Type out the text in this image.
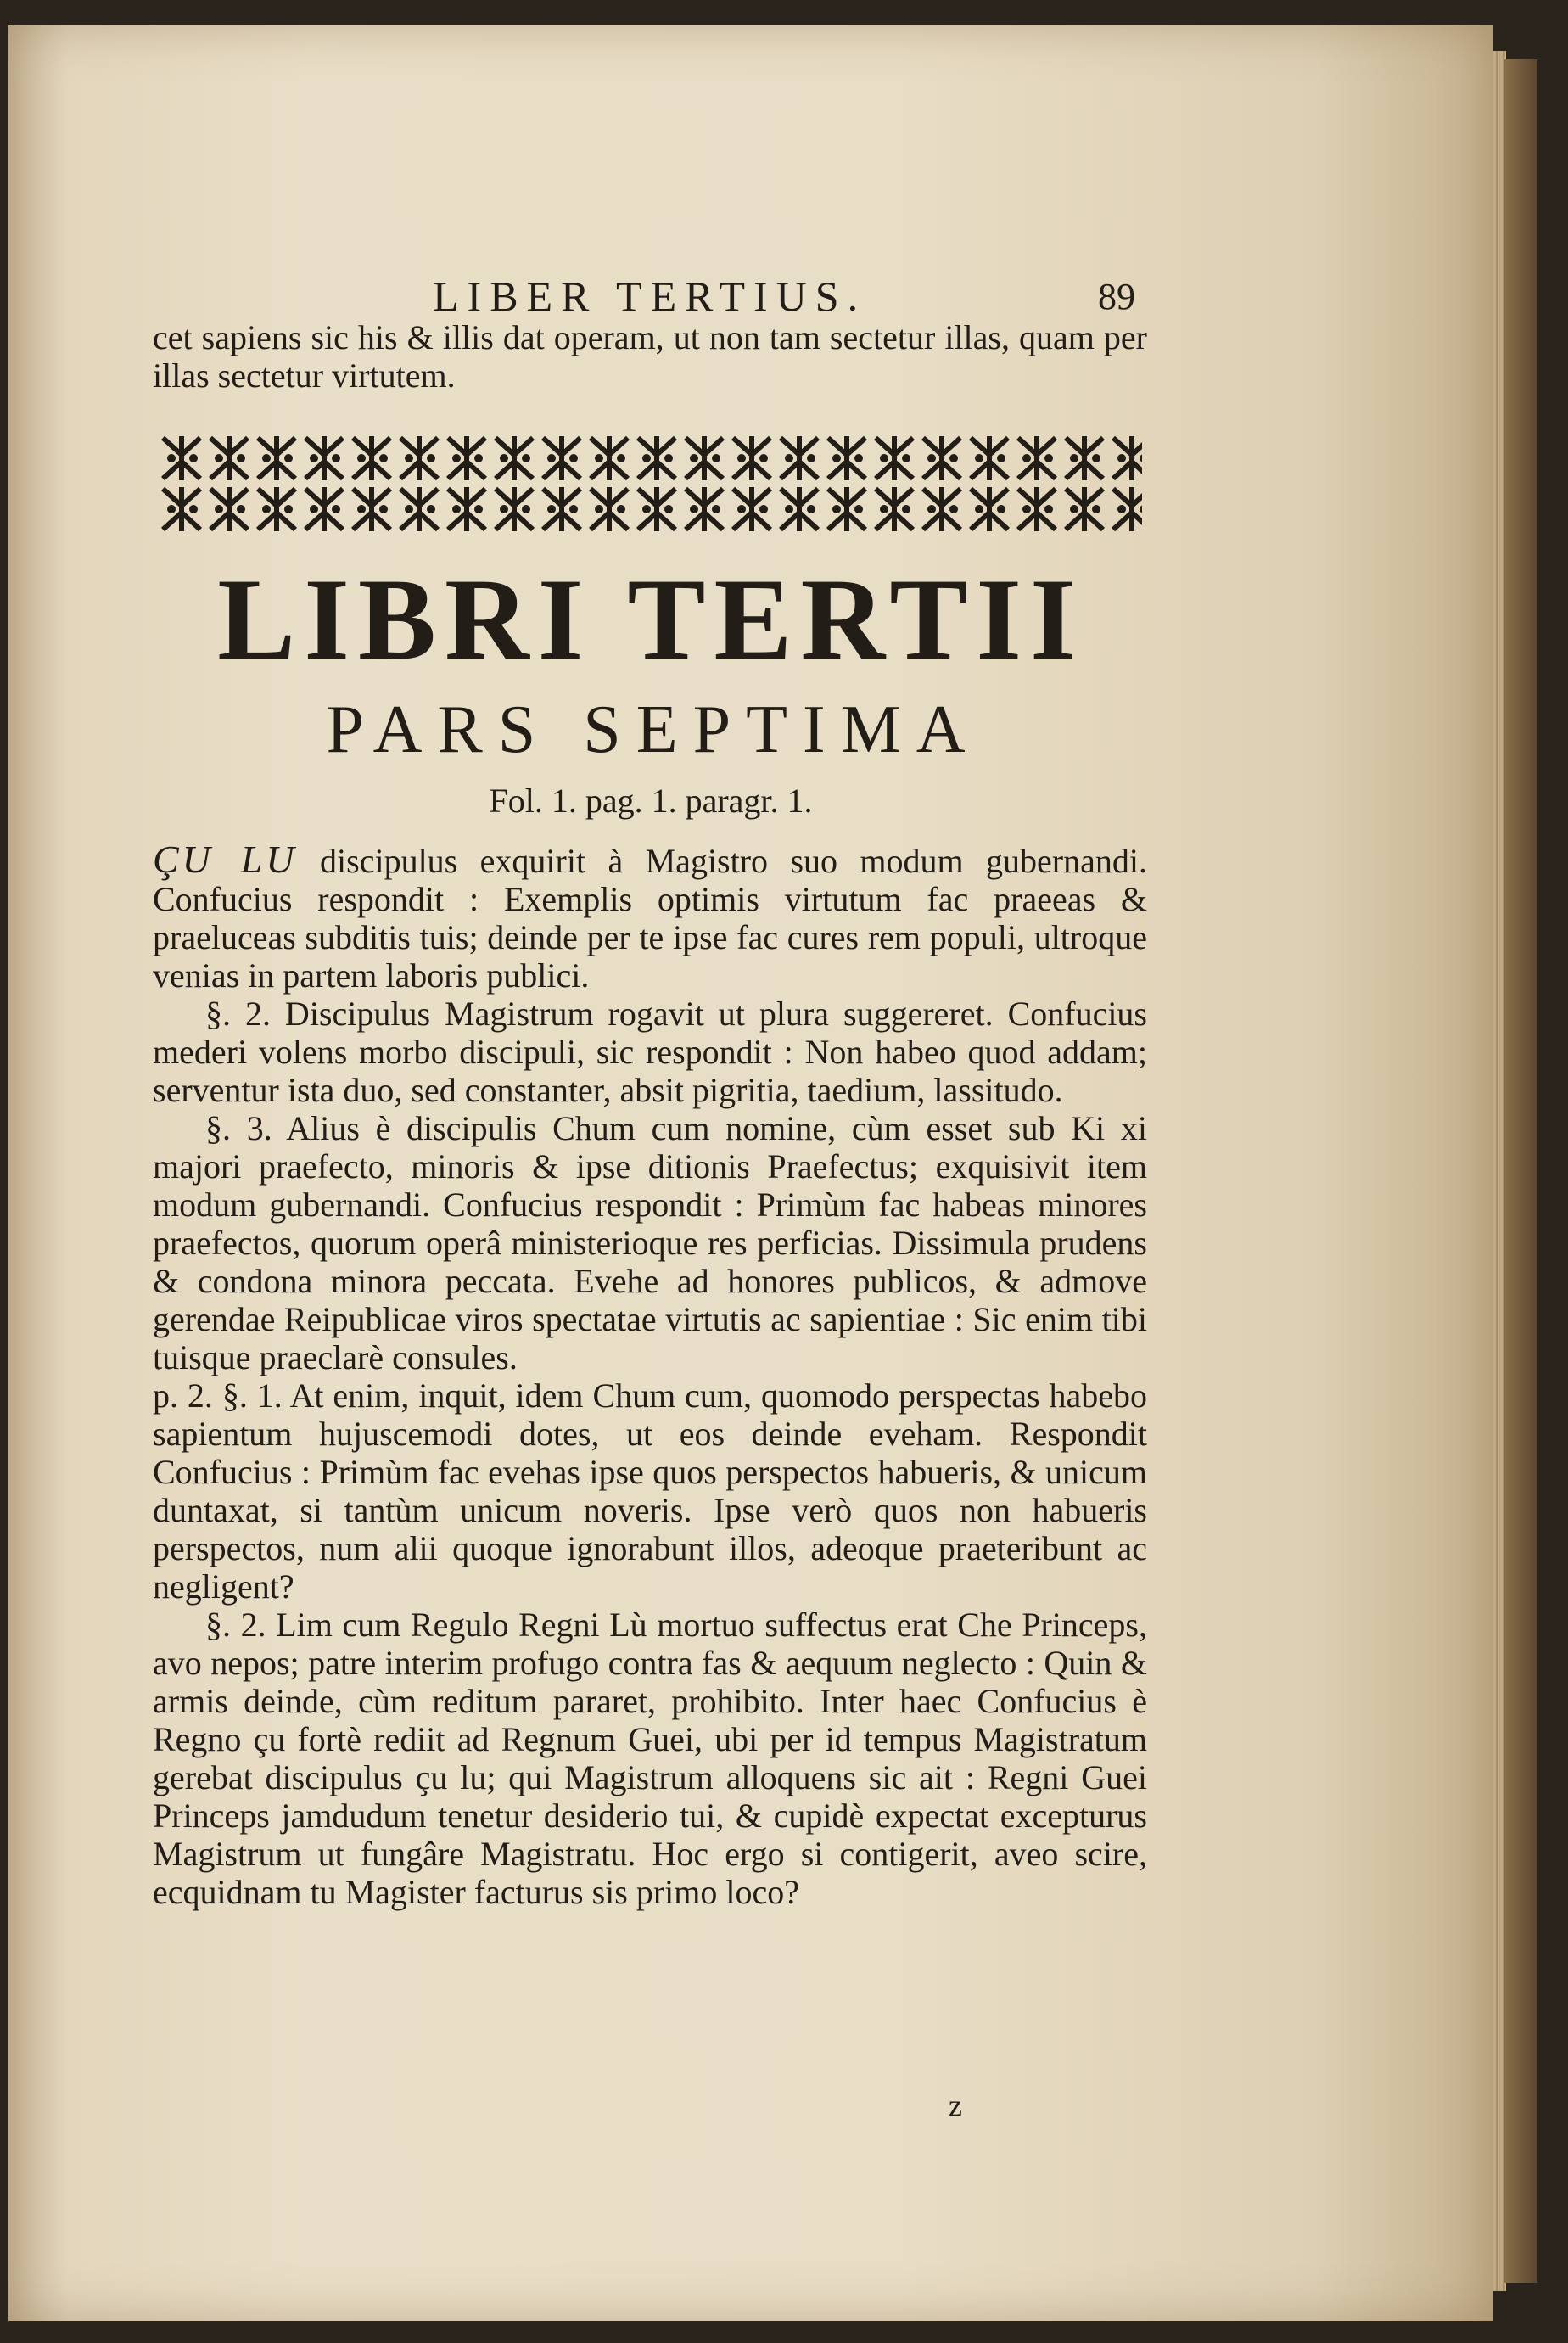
LIBER TERTIUS.	89

cet sapiens sic his & illis dat operam, ut non tam sectetur illas, quam per illas sectetur virtutem.

LIBRI TERTII
PARS SEPTIMA
Fol. 1. pag. 1. paragr. 1.

ÇU LU discipulus exquirit à Magistro suo modum gubernandi. Confucius respondit : Exemplis optimis virtutum fac praeeas & praeluceas subditis tuis; deinde per te ipse fac cures rem populi, ultroque venias in partem laboris publici.

§. 2. Discipulus Magistrum rogavit ut plura suggereret. Confucius mederi volens morbo discipuli, sic respondit : Non habeo quod addam; serventur ista duo, sed constanter, absit pigritia, taedium, lassitudo.

§. 3. Alius è discipulis Chum cum nomine, cùm esset sub Ki xi majori praefecto, minoris & ipse ditionis Praefectus; exquisivit item modum gubernandi. Confucius respondit : Primùm fac habeas minores praefectos, quorum operâ ministerioque res perficias. Dissimula prudens & condona minora peccata. Evehe ad honores publicos, & admove gerendae Reipublicae viros spectatae virtutis ac sapientiae : Sic enim tibi tuisque praeclarè consules.

p. 2. §. 1. At enim, inquit, idem Chum cum, quomodo perspectas habebo sapientum hujuscemodi dotes, ut eos deinde eveham. Respondit Confucius : Primùm fac evehas ipse quos perspectos habueris, & unicum duntaxat, si tantùm unicum noveris. Ipse verò quos non habueris perspectos, num alii quoque ignorabunt illos, adeoque praeteribunt ac negligent?

§. 2. Lim cum Regulo Regni Lù mortuo suffectus erat Che Princeps, avo nepos; patre interim profugo contra fas & aequum neglecto : Quin & armis deinde, cùm reditum pararet, prohibito. Inter haec Confucius è Regno çu fortè rediit ad Regnum Guei, ubi per id tempus Magistratum gerebat discipulus çu lu; qui Magistrum alloquens sic ait : Regni Guei Princeps jamdudum tenetur desiderio tui, & cupidè expectat excepturus Magistrum ut fungâre Magistratu. Hoc ergo si contigerit, aveo scire, ecquidnam tu Magister facturus sis primo loco?

z
